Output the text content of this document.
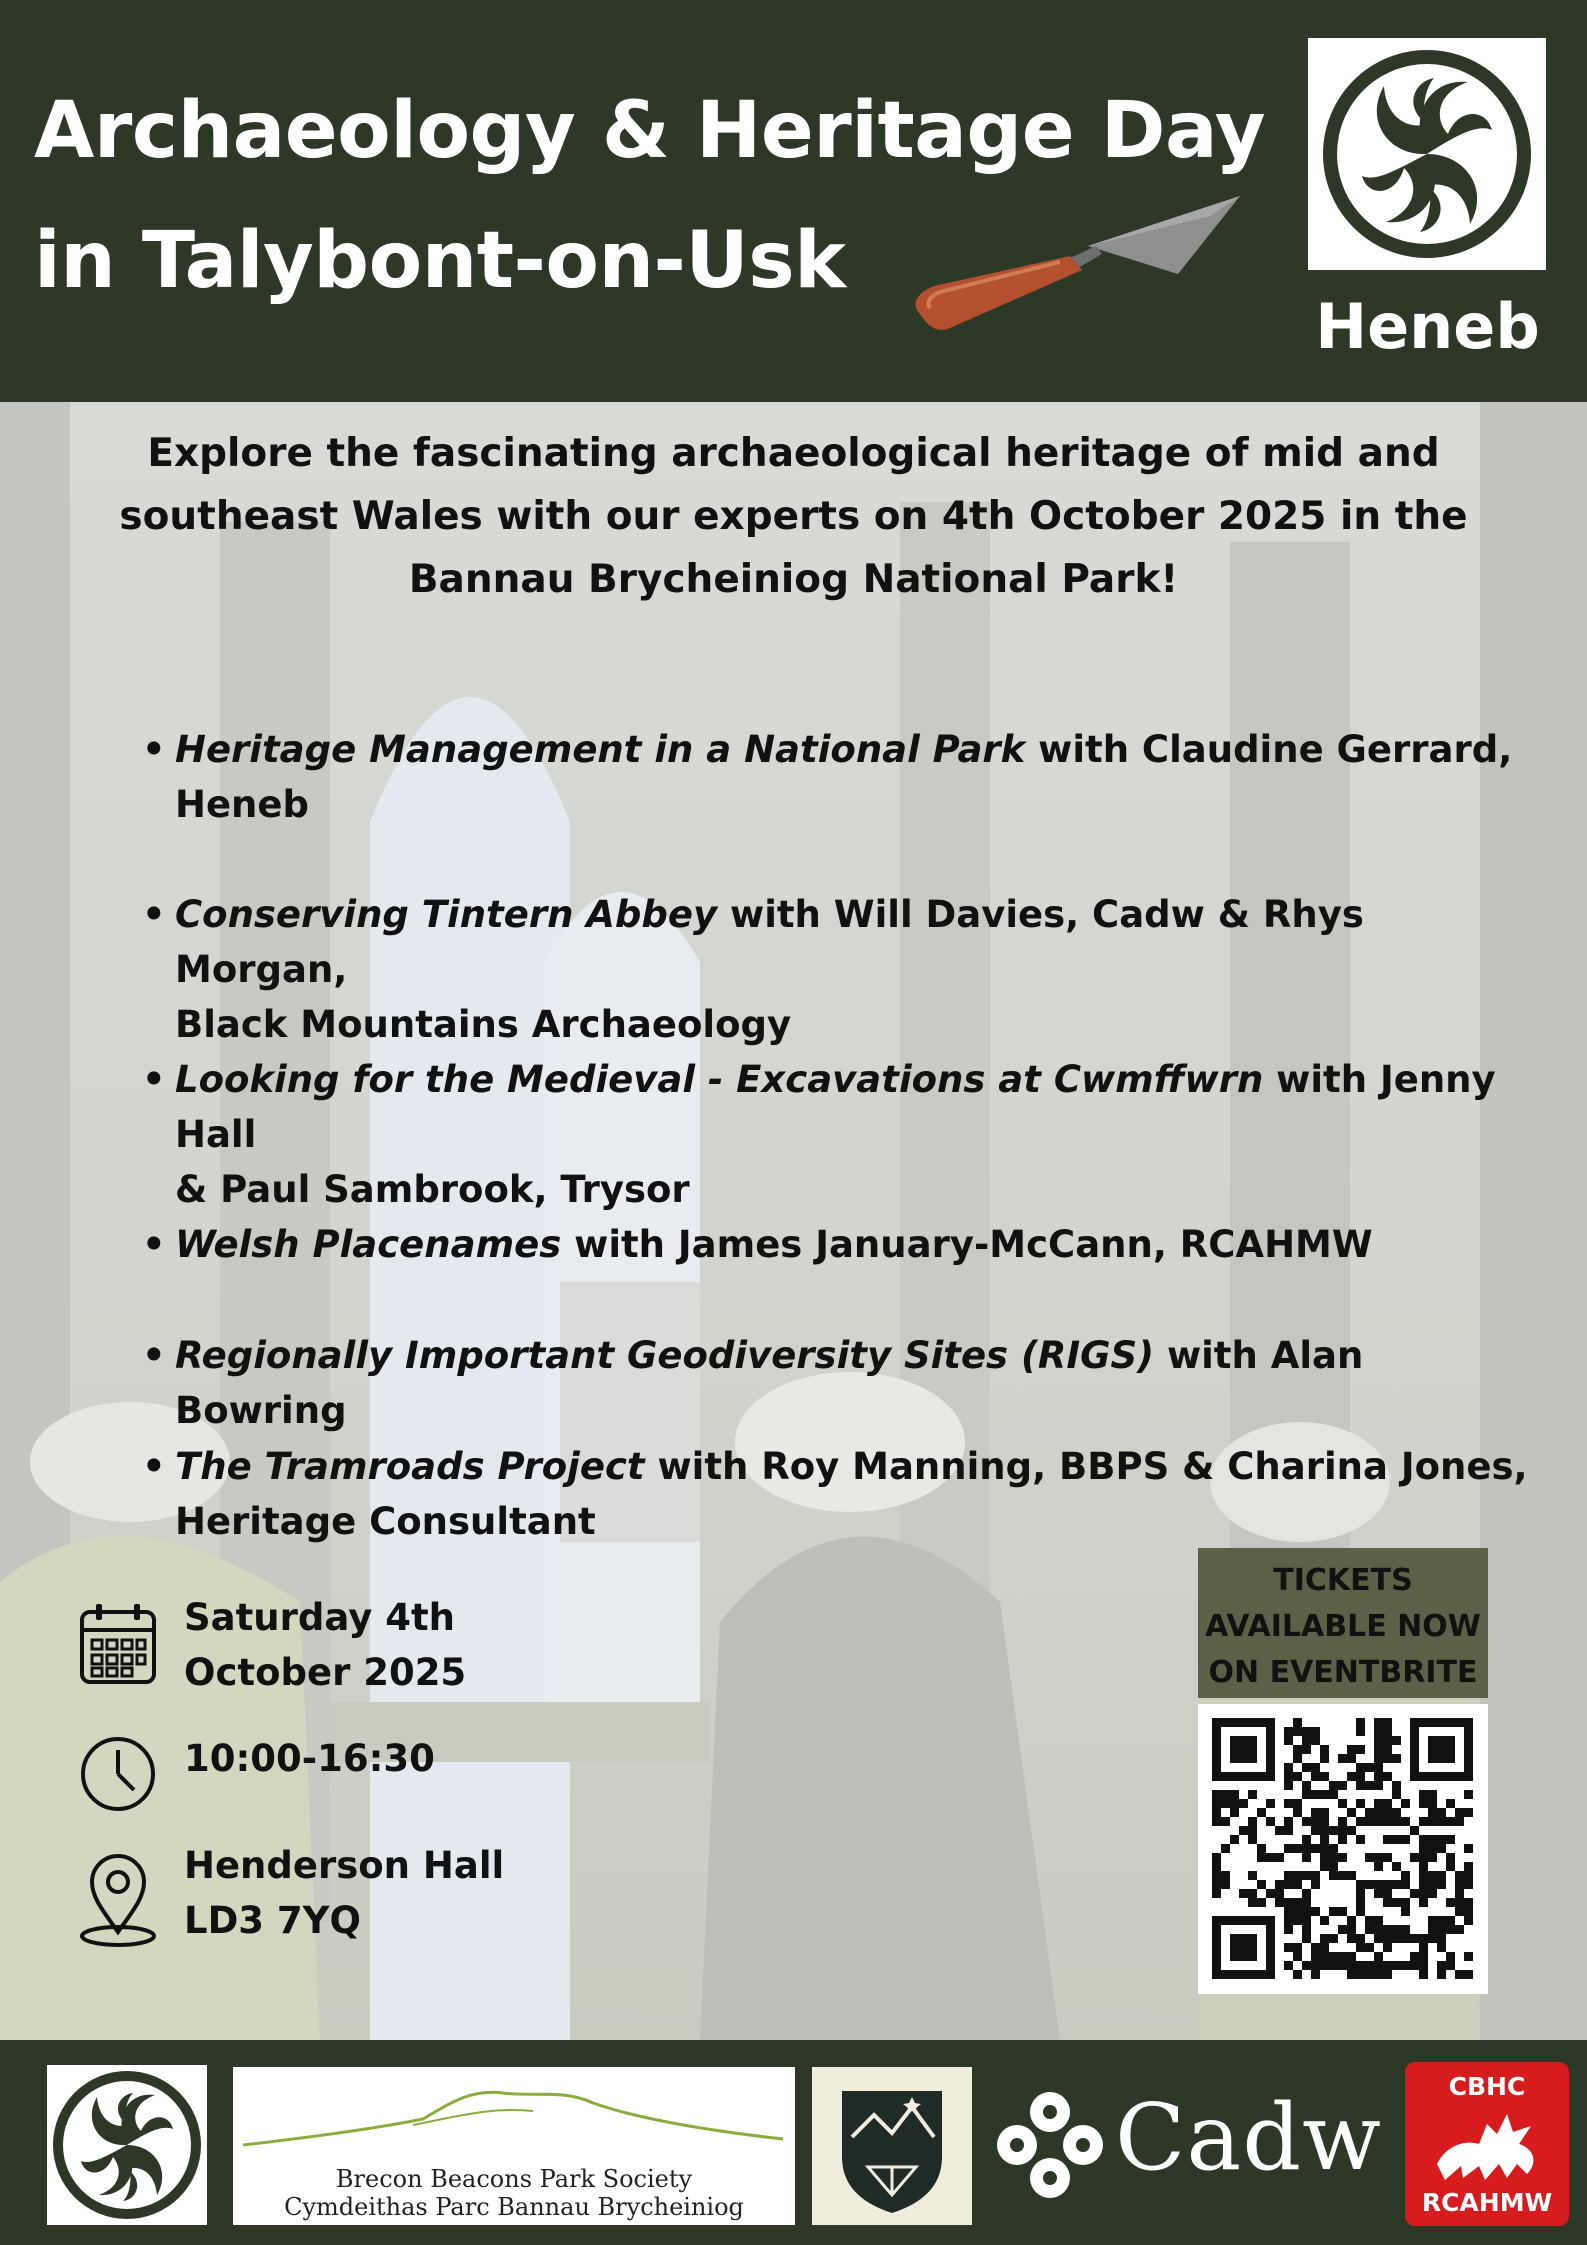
Archaeology & Heritage Day
in Talybont-on-Usk
Heneb
Explore the fascinating archaeological heritage of mid and
southeast Wales with our experts on 4th October 2025 in the
Bannau Brycheiniog National Park!
• Heritage Management in a National Park with Claudine Gerrard,
Heneb
• Conserving Tintern Abbey with Will Davies, Cadw & Rhys Morgan,
Black Mountains Archaeology
• Looking for the Medieval - Excavations at Cwmffwrn with Jenny Hall
& Paul Sambrook, Trysor
• Welsh Placenames with James January-McCann, RCAHMW
• Regionally Important Geodiversity Sites (RIGS) with Alan Bowring
• The Tramroads Project with Roy Manning, BBPS & Charina Jones,
Heritage Consultant
Saturday 4th
October 2025
10:00-16:30
Henderson Hall
LD3 7YQ
TICKETS
AVAILABLE NOW
ON EVENTBRITE
Brecon Beacons Park Society
Cymdeithas Parc Bannau Brycheiniog
Cadw	CBHC
RCAHMW
